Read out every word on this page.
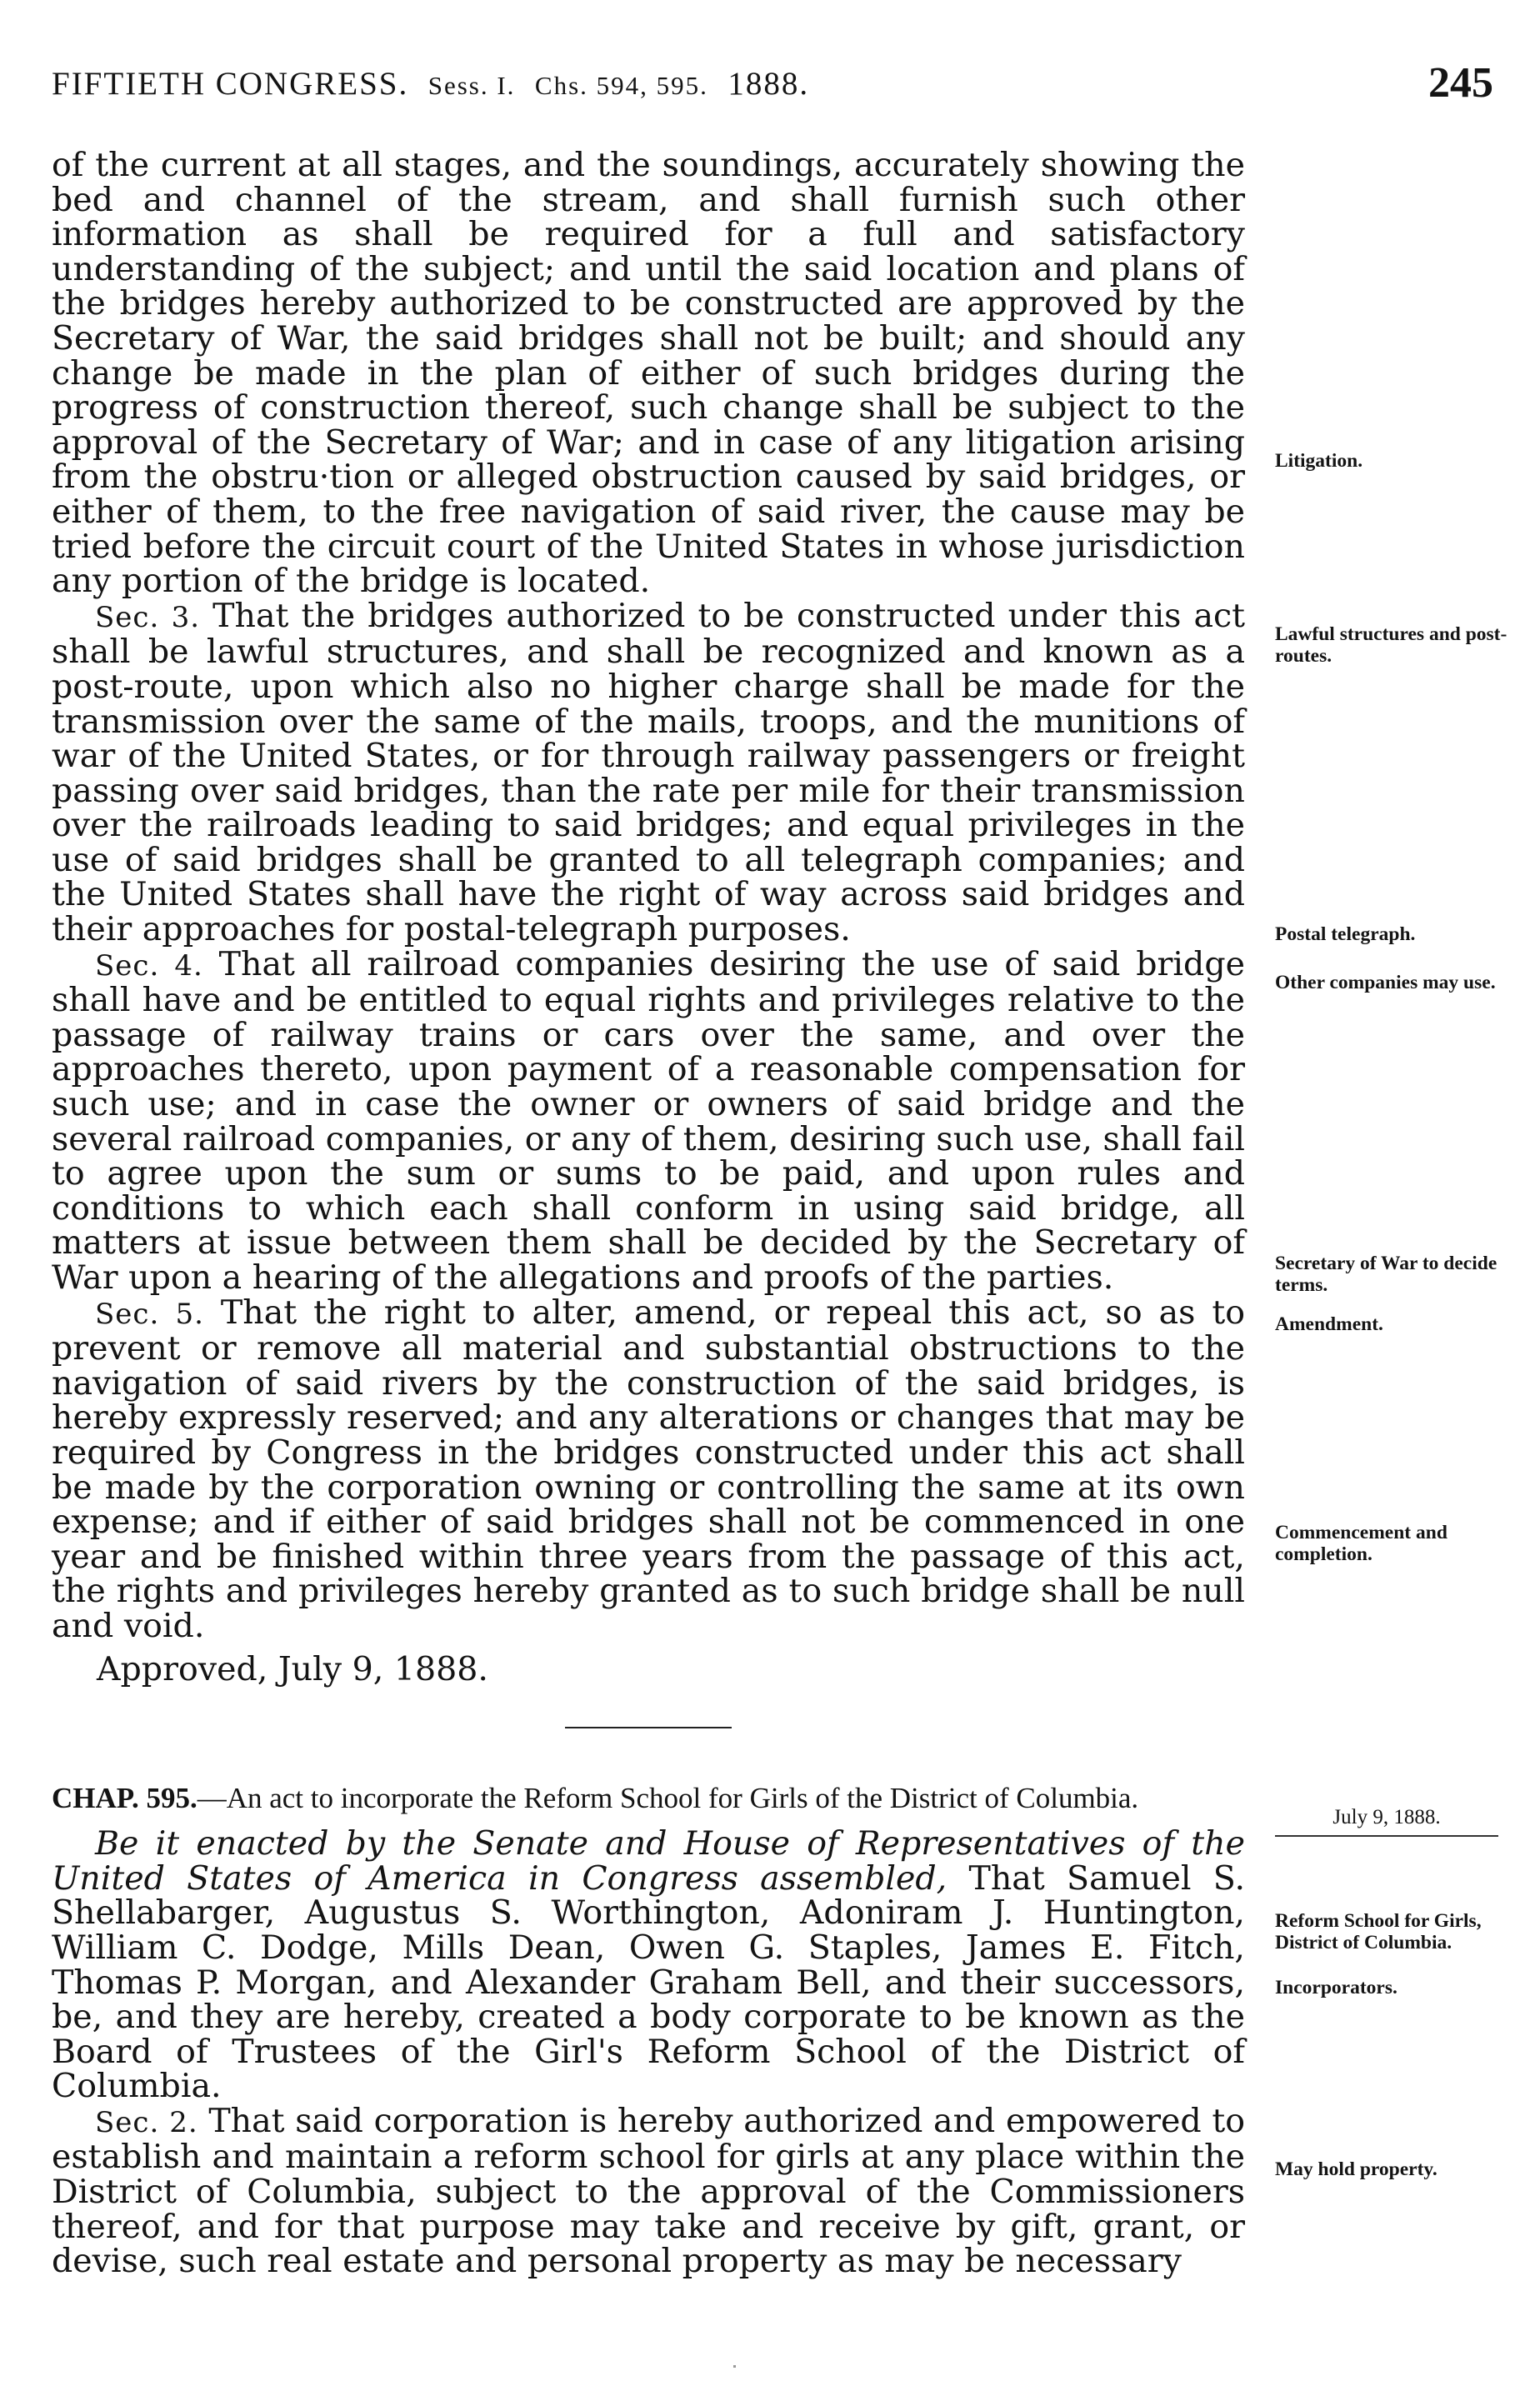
FIFTIETH CONGRESS. Sess. I. Chs. 594, 595. 1888.	245

of the current at all stages, and the soundings, accurately showing the bed and channel of the stream, and shall furnish such other information as shall be required for a full and satisfactory understanding of the subject; and until the said location and plans of the bridges hereby authorized to be constructed are approved by the Secretary of War, the said bridges shall not be built; and should any change be made in the plan of either of such bridges during the progress of construction thereof, such change shall be subject to the approval of the Secretary of War; and in case of any litigation arising from the obstru·tion or alleged obstruction caused by said bridges, or either of them, to the free navigation of said river, the cause may be tried before the circuit court of the United States in whose jurisdiction any portion of the bridge is located.

Sec. 3. That the bridges authorized to be constructed under this act shall be lawful structures, and shall be recognized and known as a post-route, upon which also no higher charge shall be made for the transmission over the same of the mails, troops, and the munitions of war of the United States, or for through railway passengers or freight passing over said bridges, than the rate per mile for their transmission over the railroads leading to said bridges; and equal privileges in the use of said bridges shall be granted to all telegraph companies; and the United States shall have the right of way across said bridges and their approaches for postal-telegraph purposes.

Sec. 4. That all railroad companies desiring the use of said bridge shall have and be entitled to equal rights and privileges relative to the passage of railway trains or cars over the same, and over the approaches thereto, upon payment of a reasonable compensation for such use; and in case the owner or owners of said bridge and the several railroad companies, or any of them, desiring such use, shall fail to agree upon the sum or sums to be paid, and upon rules and conditions to which each shall conform in using said bridge, all matters at issue between them shall be decided by the Secretary of War upon a hearing of the allegations and proofs of the parties.

Sec. 5. That the right to alter, amend, or repeal this act, so as to prevent or remove all material and substantial obstructions to the navigation of said rivers by the construction of the said bridges, is hereby expressly reserved; and any alterations or changes that may be required by Congress in the bridges constructed under this act shall be made by the corporation owning or controlling the same at its own expense; and if either of said bridges shall not be commenced in one year and be finished within three years from the passage of this act, the rights and privileges hereby granted as to such bridge shall be null and void.

Approved, July 9, 1888.

CHAP. 595.—An act to incorporate the Reform School for Girls of the District of Columbia.

Be it enacted by the Senate and House of Representatives of the United States of America in Congress assembled, That Samuel S. Shellabarger, Augustus S. Worthington, Adoniram J. Huntington, William C. Dodge, Mills Dean, Owen G. Staples, James E. Fitch, Thomas P. Morgan, and Alexander Graham Bell, and their successors, be, and they are hereby, created a body corporate to be known as the Board of Trustees of the Girl's Reform School of the District of Columbia.

Sec. 2. That said corporation is hereby authorized and empowered to establish and maintain a reform school for girls at any place within the District of Columbia, subject to the approval of the Commissioners thereof, and for that purpose may take and receive by gift, grant, or devise, such real estate and personal property as may be necessary

Litigation.

Lawful structures and post-routes.

Postal telegraph.

Other companies may use.

Secretary of War to decide terms.

Amendment.

Commencement and completion.

July 9, 1888.

Reform School for Girls, District of Columbia.

Incorporators.

May hold property.
